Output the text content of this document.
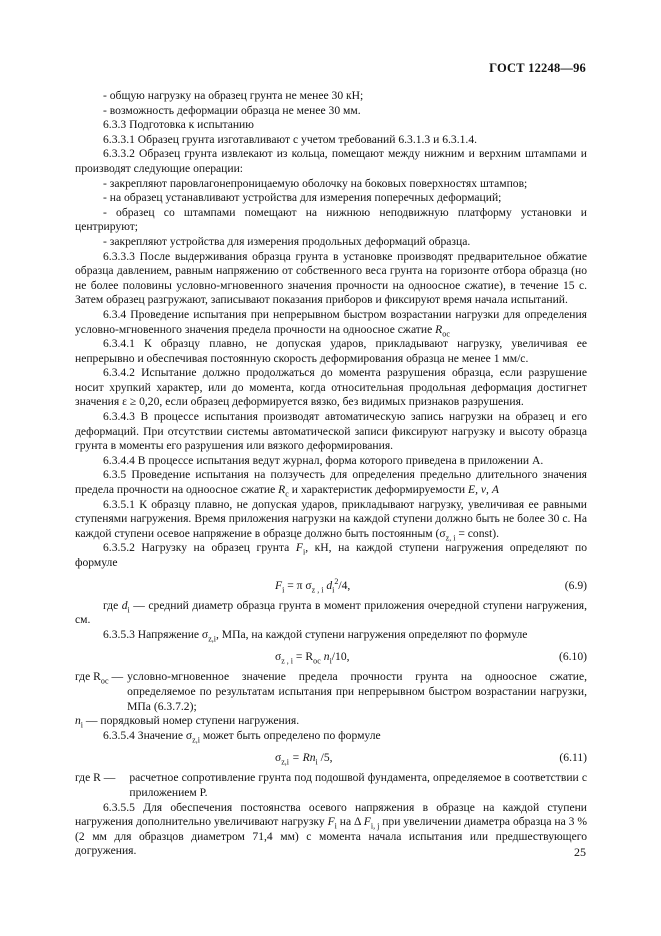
ГОСТ 12248—96

- общую нагрузку на образец грунта не менее 30 кН;

- возможность деформации образца не менее 30 мм.

6.3.3 Подготовка к испытанию

6.3.3.1 Образец грунта изготавливают с учетом требований 6.3.1.3 и 6.3.1.4.

6.3.3.2 Образец грунта извлекают из кольца, помещают между нижним и верхним штампами и производят следующие операции:

- закрепляют паровлагонепроницаемую оболочку на боковых поверхностях штампов;

- на образец устанавливают устройства для измерения поперечных деформаций;

- образец со штампами помещают на нижнюю неподвижную платформу установки и центрируют;

- закрепляют устройства для измерения продольных деформаций образца.

6.3.3.3 После выдерживания образца грунта в установке производят предварительное обжатие образца давлением, равным напряжению от собственного веса грунта на горизонте отбора образца (но не более половины условно-мгновенного значения прочности на одноосное сжатие), в течение 15 с. Затем образец разгружают, записывают показания приборов и фиксируют время начала испытаний.

6.3.4 Проведение испытания при непрерывном быстром возрастании нагрузки для определения условно-мгновенного значения предела прочности на одноосное сжатие $R_{ос}$

6.3.4.1 К образцу плавно, не допуская ударов, прикладывают нагрузку, увеличивая ее непрерывно и обеспечивая постоянную скорость деформирования образца не менее 1 мм/с.

6.3.4.2 Испытание должно продолжаться до момента разрушения образца, если разрушение носит хрупкий характер, или до момента, когда относительная продольная деформация достигнет значения ε ≥ 0,20, если образец деформируется вязко, без видимых признаков разрушения.

6.3.4.3 В процессе испытания производят автоматическую запись нагрузки на образец и его деформаций. При отсутствии системы автоматической записи фиксируют нагрузку и высоту образца грунта в моменты его разрушения или вязкого деформирования.

6.3.4.4 В процессе испытания ведут журнал, форма которого приведена в приложении А.

6.3.5 Проведение испытания на ползучесть для определения предельно длительного значения предела прочности на одноосное сжатие $R_c$ и характеристик деформируемости E, ν, A

6.3.5.1 К образцу плавно, не допуская ударов, прикладывают нагрузку, увеличивая ее равными ступенями нагружения. Время приложения нагрузки на каждой ступени должно быть не более 30 с. На каждой ступени осевое напряжение в образце должно быть постоянным ($\sigma_{z, i}$ = const).

6.3.5.2 Нагрузку на образец грунта $F_i$, кН, на каждой ступени нагружения определяют по формуле

$F_i = \pi$ $\sigma_{z , i}$ $d_i^2/4$,	(6.9)

где $d_i$ — средний диаметр образца грунта в момент приложения очередной ступени нагружения, см.

6.3.5.3 Напряжение $\sigma_{z,i}$, МПа, на каждой ступени нагружения определяют по формуле

$\sigma_{z , i} = R_{ос}$ $n_i/10$,	(6.10)
где $R_{ос}$ — условно-мгновенное значение предела прочности грунта на одноосное сжатие, определяемое по результатам испытания при непрерывном быстром возрастании нагрузки, МПа (6.3.7.2);

$n_i$ — порядковый номер ступени нагружения.

6.3.5.4 Значение $\sigma_{z,i}$ может быть определено по формуле

$\sigma_{z,i} = Rn_i$ /5,	(6.11)
где R —	расчетное сопротивление грунта под подошвой фундамента, определяемое в соответствии с приложением Р.

6.3.5.5 Для обеспечения постоянства осевого напряжения в образце на каждой ступени нагружения дополнительно увеличивают нагрузку $F_i$ на Δ $F_{i, j}$ при увеличении диаметра образца на 3 % (2 мм для образцов диаметром 71,4 мм) с момента начала испытания или предшествующего догружения.	25
